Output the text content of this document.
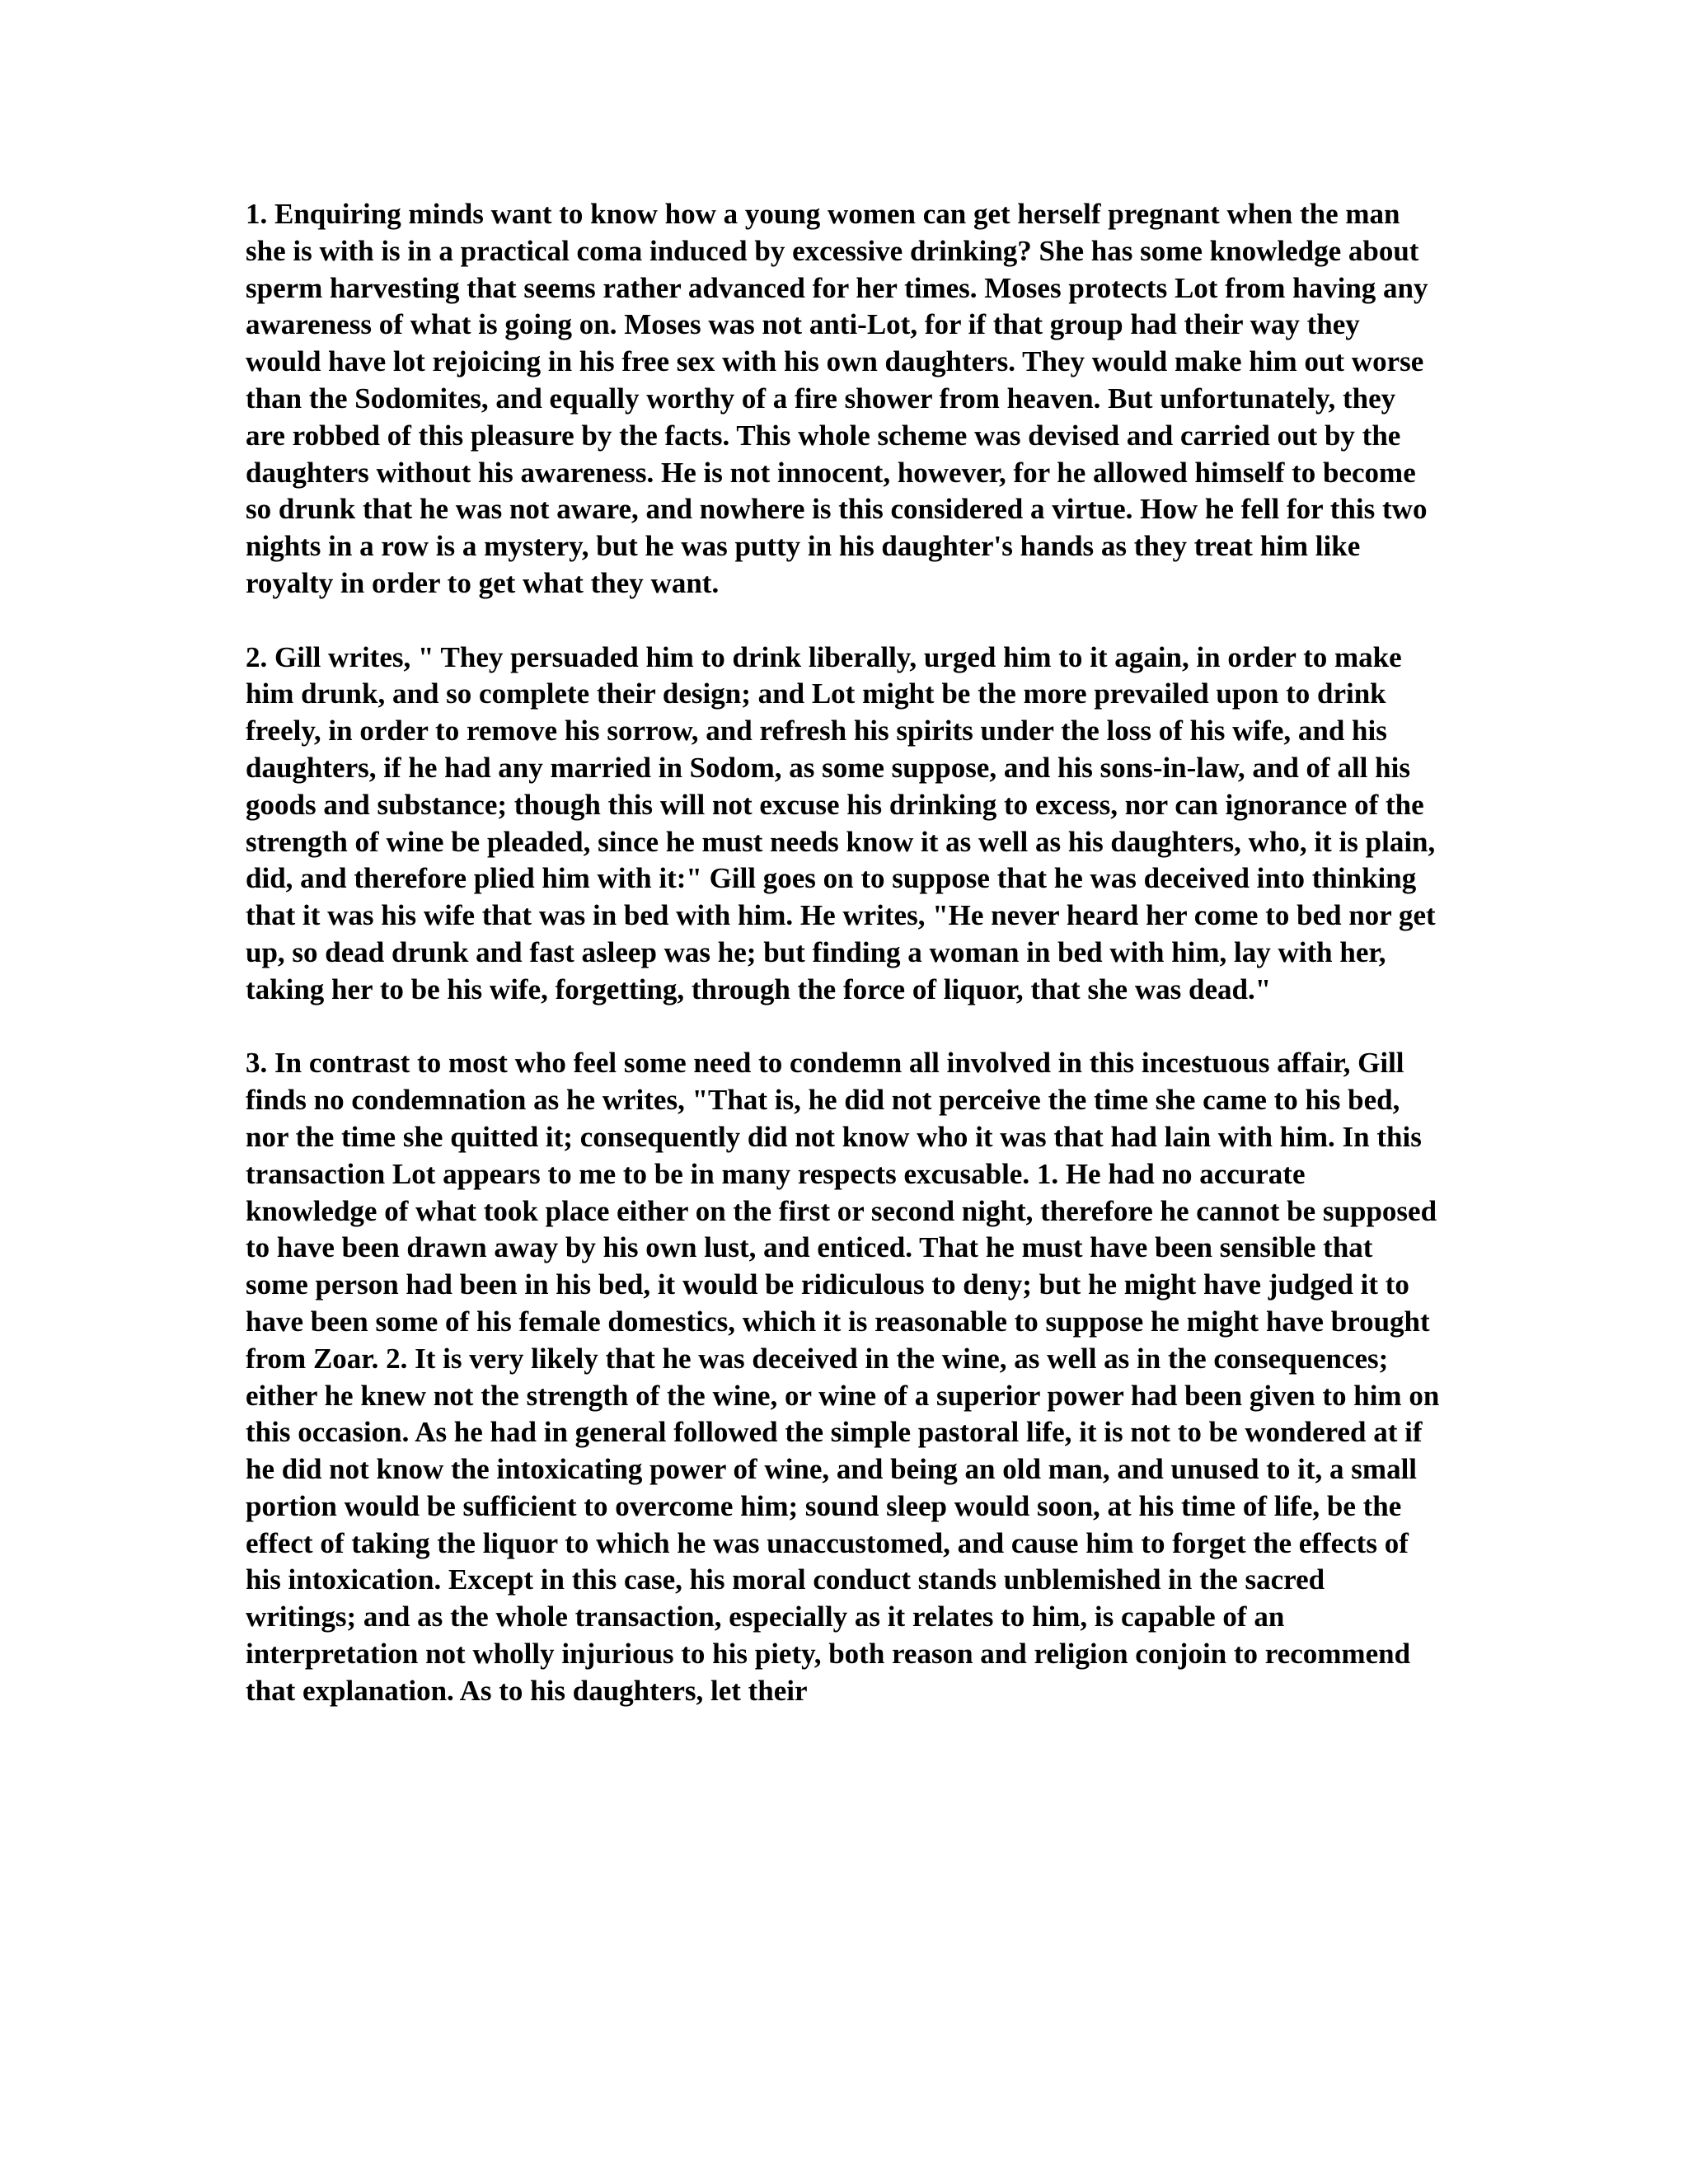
1. Enquiring minds want to know how a young women can get herself pregnant when the man she is with is in a practical coma induced by excessive drinking? She has some knowledge about sperm harvesting that seems rather advanced for her times. Moses protects Lot from having any awareness of what is going on. Moses was not anti-Lot, for if that group had their way they would have lot rejoicing in his free sex with his own daughters. They would make him out worse than the Sodomites, and equally worthy of a fire shower from heaven. But unfortunately, they are robbed of this pleasure by the facts. This whole scheme was devised and carried out by the daughters without his awareness. He is not innocent, however, for he allowed himself to become so drunk that he was not aware, and nowhere is this considered a virtue. How he fell for this two nights in a row is a mystery, but he was putty in his daughter's hands as they treat him like royalty in order to get what they want.

2. Gill writes, " They persuaded him to drink liberally, urged him to it again, in order to make him drunk, and so complete their design; and Lot might be the more prevailed upon to drink freely, in order to remove his sorrow, and refresh his spirits under the loss of his wife, and his daughters, if he had any married in Sodom, as some suppose, and his sons-in-law, and of all his goods and substance; though this will not excuse his drinking to excess, nor can ignorance of the strength of wine be pleaded, since he must needs know it as well as his daughters, who, it is plain, did, and therefore plied him with it:" Gill goes on to suppose that he was deceived into thinking that it was his wife that was in bed with him. He writes, "He never heard her come to bed nor get up, so dead drunk and fast asleep was he; but finding a woman in bed with him, lay with her, taking her to be his wife, forgetting, through the force of liquor, that she was dead."

3. In contrast to most who feel some need to condemn all involved in this incestuous affair, Gill finds no condemnation as he writes, "That is, he did not perceive the time she came to his bed, nor the time she quitted it; consequently did not know who it was that had lain with him. In this transaction Lot appears to me to be in many respects excusable. 1. He had no accurate knowledge of what took place either on the first or second night, therefore he cannot be supposed to have been drawn away by his own lust, and enticed. That he must have been sensible that some person had been in his bed, it would be ridiculous to deny; but he might have judged it to have been some of his female domestics, which it is reasonable to suppose he might have brought from Zoar. 2. It is very likely that he was deceived in the wine, as well as in the consequences; either he knew not the strength of the wine, or wine of a superior power had been given to him on this occasion. As he had in general followed the simple pastoral life, it is not to be wondered at if he did not know the intoxicating power of wine, and being an old man, and unused to it, a small portion would be sufficient to overcome him; sound sleep would soon, at his time of life, be the effect of taking the liquor to which he was unaccustomed, and cause him to forget the effects of his intoxication. Except in this case, his moral conduct stands unblemished in the sacred writings; and as the whole transaction, especially as it relates to him, is capable of an interpretation not wholly injurious to his piety, both reason and religion conjoin to recommend that explanation. As to his daughters, let their
